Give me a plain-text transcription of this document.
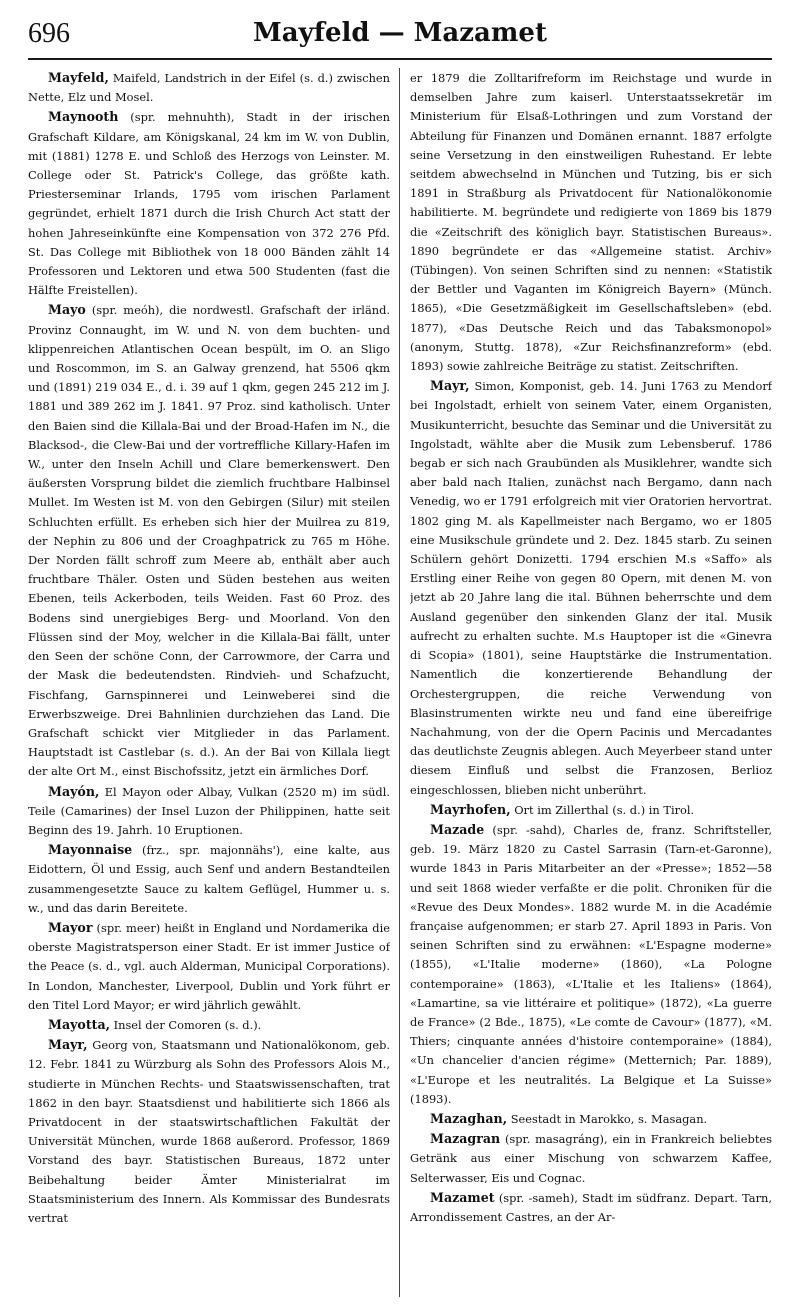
696	Mayfeld — Mazamet

Mayfeld, Maifeld, Landstrich in der Eifel (s. d.) zwischen Nette, Elz und Mosel.

Maynooth (spr. mehnuhth), Stadt in der irischen Grafschaft Kildare, am Königskanal, 24 km im W. von Dublin, mit (1881) 1278 E. und Schloß des Herzogs von Leinster. M. College oder St. Patrick's College, das größte kath. Priesterseminar Irlands, 1795 vom irischen Parlament gegründet, erhielt 1871 durch die Irish Church Act statt der hohen Jahreseinkünfte eine Kompensation von 372 276 Pfd. St. Das College mit Bibliothek von 18 000 Bänden zählt 14 Professoren und Lektoren und etwa 500 Studenten (fast die Hälfte Freistellen).

Mayo (spr. meóh), die nordwestl. Grafschaft der irländ. Provinz Connaught, im W. und N. von dem buchten- und klippenreichen Atlantischen Ocean bespült, im O. an Sligo und Roscommon, im S. an Galway grenzend, hat 5506 qkm und (1891) 219 034 E., d. i. 39 auf 1 qkm, gegen 245 212 im J. 1881 und 389 262 im J. 1841. 97 Proz. sind katholisch. Unter den Baien sind die Killala-Bai und der Broad-Hafen im N., die Blacksod-, die Clew-Bai und der vortreffliche Killary-Hafen im W., unter den Inseln Achill und Clare bemerkenswert. Den äußersten Vorsprung bildet die ziemlich fruchtbare Halbinsel Mullet. Im Westen ist M. von den Gebirgen (Silur) mit steilen Schluchten erfüllt. Es erheben sich hier der Muilrea zu 819, der Nephin zu 806 und der Croaghpatrick zu 765 m Höhe. Der Norden fällt schroff zum Meere ab, enthält aber auch fruchtbare Thäler. Osten und Süden bestehen aus weiten Ebenen, teils Ackerboden, teils Weiden. Fast 60 Proz. des Bodens sind unergiebiges Berg- und Moorland. Von den Flüssen sind der Moy, welcher in die Killala-Bai fällt, unter den Seen der schöne Conn, der Carrowmore, der Carra und der Mask die bedeutendsten. Rindvieh- und Schafzucht, Fischfang, Garnspinnerei und Leinweberei sind die Erwerbszweige. Drei Bahnlinien durchziehen das Land. Die Grafschaft schickt vier Mitglieder in das Parlament. Hauptstadt ist Castlebar (s. d.). An der Bai von Killala liegt der alte Ort M., einst Bischofssitz, jetzt ein ärmliches Dorf.

Mayón, El Mayon oder Albay, Vulkan (2520 m) im südl. Teile (Camarines) der Insel Luzon der Philippinen, hatte seit Beginn des 19. Jahrh. 10 Eruptionen.

Mayonnaise (frz., spr. majonnähs'), eine kalte, aus Eidottern, Öl und Essig, auch Senf und andern Bestandteilen zusammengesetzte Sauce zu kaltem Geflügel, Hummer u. s. w., und das darin Bereitete.

Mayor (spr. meer) heißt in England und Nordamerika die oberste Magistratsperson einer Stadt. Er ist immer Justice of the Peace (s. d., vgl. auch Alderman, Municipal Corporations). In London, Manchester, Liverpool, Dublin und York führt er den Titel Lord Mayor; er wird jährlich gewählt.

Mayotta, Insel der Comoren (s. d.).

Mayr, Georg von, Staatsmann und Nationalökonom, geb. 12. Febr. 1841 zu Würzburg als Sohn des Professors Alois M., studierte in München Rechts- und Staatswissenschaften, trat 1862 in den bayr. Staatsdienst und habilitierte sich 1866 als Privatdocent in der staatswirtschaftlichen Fakultät der Universität München, wurde 1868 außerord. Professor, 1869 Vorstand des bayr. Statistischen Bureaus, 1872 unter Beibehaltung beider Ämter Ministerialrat im Staatsministerium des Innern. Als Kommissar des Bundesrats vertrat

er 1879 die Zolltarifreform im Reichstage und wurde in demselben Jahre zum kaiserl. Unterstaatssekretär im Ministerium für Elsaß-Lothringen und zum Vorstand der Abteilung für Finanzen und Domänen ernannt. 1887 erfolgte seine Versetzung in den einstweiligen Ruhestand. Er lebte seitdem abwechselnd in München und Tutzing, bis er sich 1891 in Straßburg als Privatdocent für Nationalökonomie habilitierte. M. begründete und redigierte von 1869 bis 1879 die «Zeitschrift des königlich bayr. Statistischen Bureaus». 1890 begründete er das «Allgemeine statist. Archiv» (Tübingen). Von seinen Schriften sind zu nennen: «Statistik der Bettler und Vaganten im Königreich Bayern» (Münch. 1865), «Die Gesetzmäßigkeit im Gesellschaftsleben» (ebd. 1877), «Das Deutsche Reich und das Tabaksmonopol» (anonym, Stuttg. 1878), «Zur Reichsfinanzreform» (ebd. 1893) sowie zahlreiche Beiträge zu statist. Zeitschriften.

Mayr, Simon, Komponist, geb. 14. Juni 1763 zu Mendorf bei Ingolstadt, erhielt von seinem Vater, einem Organisten, Musikunterricht, besuchte das Seminar und die Universität zu Ingolstadt, wählte aber die Musik zum Lebensberuf. 1786 begab er sich nach Graubünden als Musiklehrer, wandte sich aber bald nach Italien, zunächst nach Bergamo, dann nach Venedig, wo er 1791 erfolgreich mit vier Oratorien hervortrat. 1802 ging M. als Kapellmeister nach Bergamo, wo er 1805 eine Musikschule gründete und 2. Dez. 1845 starb. Zu seinen Schülern gehört Donizetti. 1794 erschien M.s «Saffo» als Erstling einer Reihe von gegen 80 Opern, mit denen M. von jetzt ab 20 Jahre lang die ital. Bühnen beherrschte und dem Ausland gegenüber den sinkenden Glanz der ital. Musik aufrecht zu erhalten suchte. M.s Hauptoper ist die «Ginevra di Scopia» (1801), seine Hauptstärke die Instrumentation. Namentlich die konzertierende Behandlung der Orchestergruppen, die reiche Verwendung von Blasinstrumenten wirkte neu und fand eine übereifrige Nachahmung, von der die Opern Pacinis und Mercadantes das deutlichste Zeugnis ablegen. Auch Meyerbeer stand unter diesem Einfluß und selbst die Franzosen, Berlioz eingeschlossen, blieben nicht unberührt.

Mayrhofen, Ort im Zillerthal (s. d.) in Tirol.

Mazade (spr. -sahd), Charles de, franz. Schriftsteller, geb. 19. März 1820 zu Castel Sarrasin (Tarn-et-Garonne), wurde 1843 in Paris Mitarbeiter an der «Presse»; 1852—58 und seit 1868 wieder verfaßte er die polit. Chroniken für die «Revue des Deux Mondes». 1882 wurde M. in die Académie française aufgenommen; er starb 27. April 1893 in Paris. Von seinen Schriften sind zu erwähnen: «L'Espagne moderne» (1855), «L'Italie moderne» (1860), «La Pologne contemporaine» (1863), «L'Italie et les Italiens» (1864), «Lamartine, sa vie littéraire et politique» (1872), «La guerre de France» (2 Bde., 1875), «Le comte de Cavour» (1877), «M. Thiers; cinquante années d'histoire contemporaine» (1884), «Un chancelier d'ancien régime» (Metternich; Par. 1889), «L'Europe et les neutralités. La Belgique et La Suisse» (1893).

Mazaghan, Seestadt in Marokko, s. Masagan.

Mazagran (spr. masagráng), ein in Frankreich beliebtes Getränk aus einer Mischung von schwarzem Kaffee, Selterwasser, Eis und Cognac.

Mazamet (spr. -sameh), Stadt im südfranz. Depart. Tarn, Arrondissement Castres, an der Ar-
